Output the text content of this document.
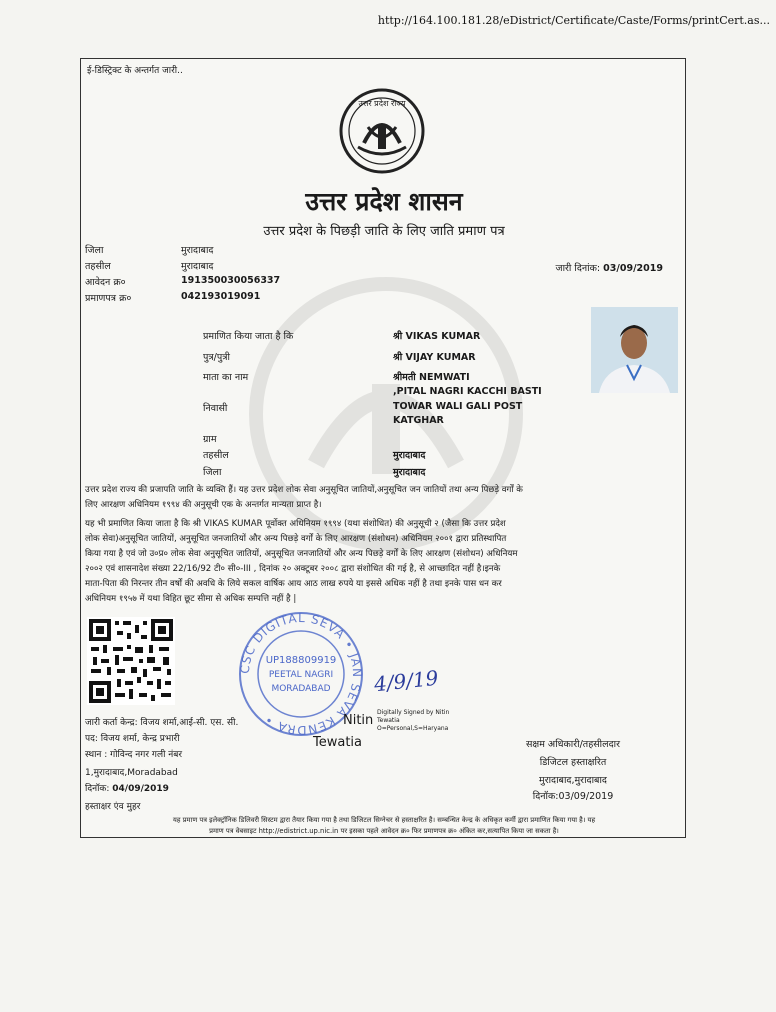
http://164.100.181.28/eDistrict/Certificate/Caste/Forms/printCert.as...
ई-डिस्ट्रिक्ट के अन्तर्गत जारी..
उत्तर प्रदेश राज्य
उत्तर प्रदेश शासन
उत्तर प्रदेश के पिछड़ी जाति के लिए जाति प्रमाण पत्र
जिला	मुरादाबाद
तहसील	मुरादाबाद
आवेदन क्र०	191350030056337
प्रमाणपत्र क्र०	042193019091
जारी दिनांक: 03/09/2019
प्रमाणित किया जाता है कि	श्री VIKAS KUMAR
पुत्र/पुत्री	श्री VIJAY KUMAR
माता का नाम	श्रीमती NEMWATI
,PITAL NAGRI KACCHI BASTI
निवासी	TOWAR WALI GALI POST
KATGHAR
ग्राम
तहसील	मुरादाबाद
जिला	मुरादाबाद
उत्तर प्रदेश राज्य की प्रजापति जाति के व्यक्ति हैं। यह उत्तर प्रदेश लोक सेवा अनुसूचित जातियों,अनुसूचित जन जातियों तथा अन्य पिछड़े वर्गों के
लिए आरक्षण अधिनियम १९९४ की अनुसूची एक के अन्तर्गत मान्यता प्राप्त है।
यह भी प्रमाणित किया जाता है कि श्री VIKAS KUMAR पूर्वोक्त अधिनियम १९९४ (यथा संशोधित) की अनुसूची २ (जैसा कि उत्तर प्रदेश
लोक सेवा)अनुसूचित जातियों, अनुसूचित जनजातियों और अन्य पिछड़े वर्गों के लिए आरक्षण (संशोधन) अधिनियम २००१ द्वारा प्रतिस्थापित
किया गया है एवं जो उ०प्र० लोक सेवा अनुसूचित जातियों, अनुसूचित जनजातियों और अन्य पिछड़े वर्गों के लिए आरक्षण (संशोधन) अधिनियम
२००२ एवं शासनादेश संख्या 22/16/92 टी० सी०-III , दिनांक २० अक्टूबर २००८ द्वारा संशोधित की गई है, से आच्छादित नहीं है।इनके
माता-पिता की निरन्तर तीन वर्षों की अवधि के लिये सकल वार्षिक आय आठ लाख रुपये या इससे अधिक नहीं है तथा इनके पास धन कर
अधिनियम १९५७ में यथा विहित छूट सीमा से अधिक सम्पत्ति नहीं है |
CSC DIGITAL SEVA • JAN SEVA KENDRA •
UP188809919
PEETAL NAGRI
MORADABAD 4/9/19
Nitin
Digitally Signed by Nitin
Tewatia
O=Personal,S=Haryana
Tewatia
जारी कर्ता केन्द्र: विजय शर्मा,आई-सी. एस. सी.
पद: विजय शर्मा, केन्द्र प्रभारी
स्थान : गोविन्द नगर गली नंबर
1,मुरादाबाद,Moradabad
दिनॉक: 04/09/2019
हस्ताक्षर एंव मुहर
सक्षम अधिकारी/तहसीलदार
डिजिटल हस्ताक्षरित
मुरादाबाद,मुरादाबाद
दिनॉक:03/09/2019
यह प्रमाण पत्र इलेक्ट्रॉनिक डिलिवरी सिस्टम द्वारा तैयार किया गया है तथा डिजिटल सिग्नेचर से हस्ताक्षरित है। सम्बन्धित केन्द्र के अधिकृत कर्मी द्वारा प्रमाणित किया गया है। यह
प्रमाण पत्र वेबसाइट http://edistrict.up.nic.in पर इसका पहले आवेदन क्र० फिर प्रमाणपत्र क्र० अंकित कर,सत्यापित किया जा सकता है।
